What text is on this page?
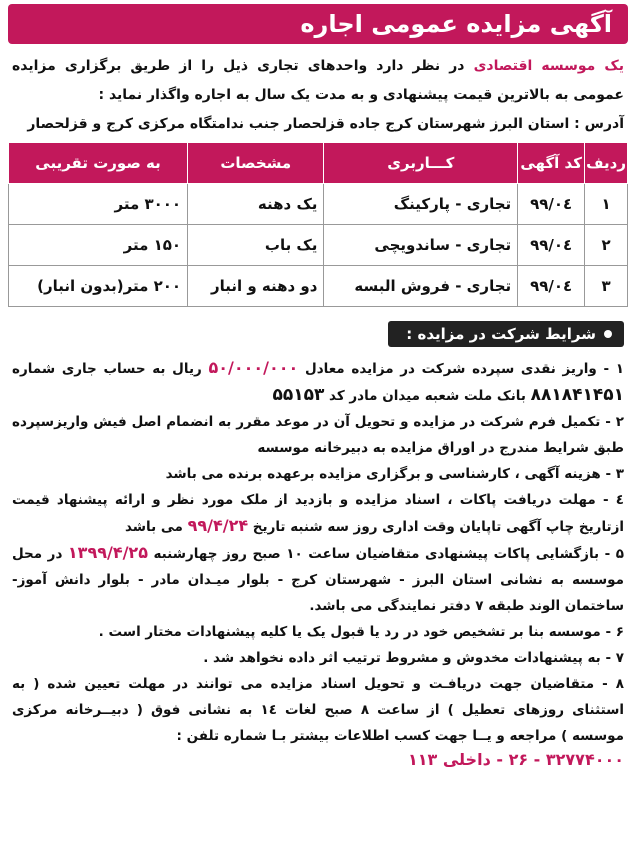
آگهی مزایده عمومی اجاره
یک موسسه اقتصادی در نظر دارد واحدهای تجاری ذیل را از طریق برگزاری مزایده عمومی به بالاترین قیمت پیشنهادی و به مدت یک سال به اجاره واگذار نماید :
آدرس : استان البرز شهرستان کرج جاده قزلحصار جنب ندامتگاه مرکزی کرج و قزلحصار
ردیف	کد آگهی	کـــاربری	مشخصات	به صورت تقریبی
۱	۹۹/۰٤	تجاری - پارکینگ	یک دهنه	۳۰۰۰ متر
۲	۹۹/۰٤	تجاری - ساندویچی	یک باب	۱۵۰ متر
۳	۹۹/۰٤	تجاری - فروش البسه	دو دهنه و انبار	۲۰۰ متر(بدون انبار)
شرایط شرکت در مزایده :

۱ - واریز نقدی سپرده شرکت در مزایده معادل ۵۰/۰۰۰/۰۰۰ ریال به حساب جاری شماره ۸۸۱۸۴۱۴۵۱ بانک ملت شعبه میدان مادر کد ۵۵۱۵۳

۲ - تکمیل فرم شرکت در مزایده و تحویل آن در موعد مقرر به انضمام اصل فیش واریزسپرده طبق شرایط مندرج در اوراق مزایده به دبیرخانه موسسه

۳ - هزینه آگهی ، کارشناسی و برگزاری مزایده برعهده برنده می باشد

٤ - مهلت دریافت پاکات ، اسناد مزایده و بازدید از ملک مورد نظر و ارائه پیشنهاد قیمت ازتاریخ چاپ آگهی تاپایان وقت اداری روز سه شنبه تاریخ ۹۹/۴/۲۴ می باشد

۵ - بازگشایی پاکات پیشنهادی متقاضیان ساعت ۱۰ صبح روز چهارشنبه ۱۳۹۹/۴/۲۵ در محل موسسه به نشانی استان البرز - شهرستان کرج - بلوار میـدان مادر - بلوار دانش آموز- ساختمان الوند طبقه ۷ دفتر نمایندگی می باشد.

۶ - موسسه بنا بر تشخیص خود در رد یا قبول یک یا کلیه پیشنهادات مختار است .

۷ - به پیشنهادات مخدوش و مشروط ترتیب اثر داده نخواهد شد .

۸ - متقاضیان جهت دریافـت و تحویل اسناد مزایده می توانند در مهلت تعیین شده ( به استثنای روزهای تعطیل ) از ساعت ۸ صبح لغات ۱٤ به نشانی فوق ( دبیــرخانه مرکزی موسسه ) مراجعه و یــا جهت کسب اطلاعات بیشتر بـا شماره تلفن :

۳۲۷۷۴۰۰۰ - ۲۶ - داخلی ۱۱۳
